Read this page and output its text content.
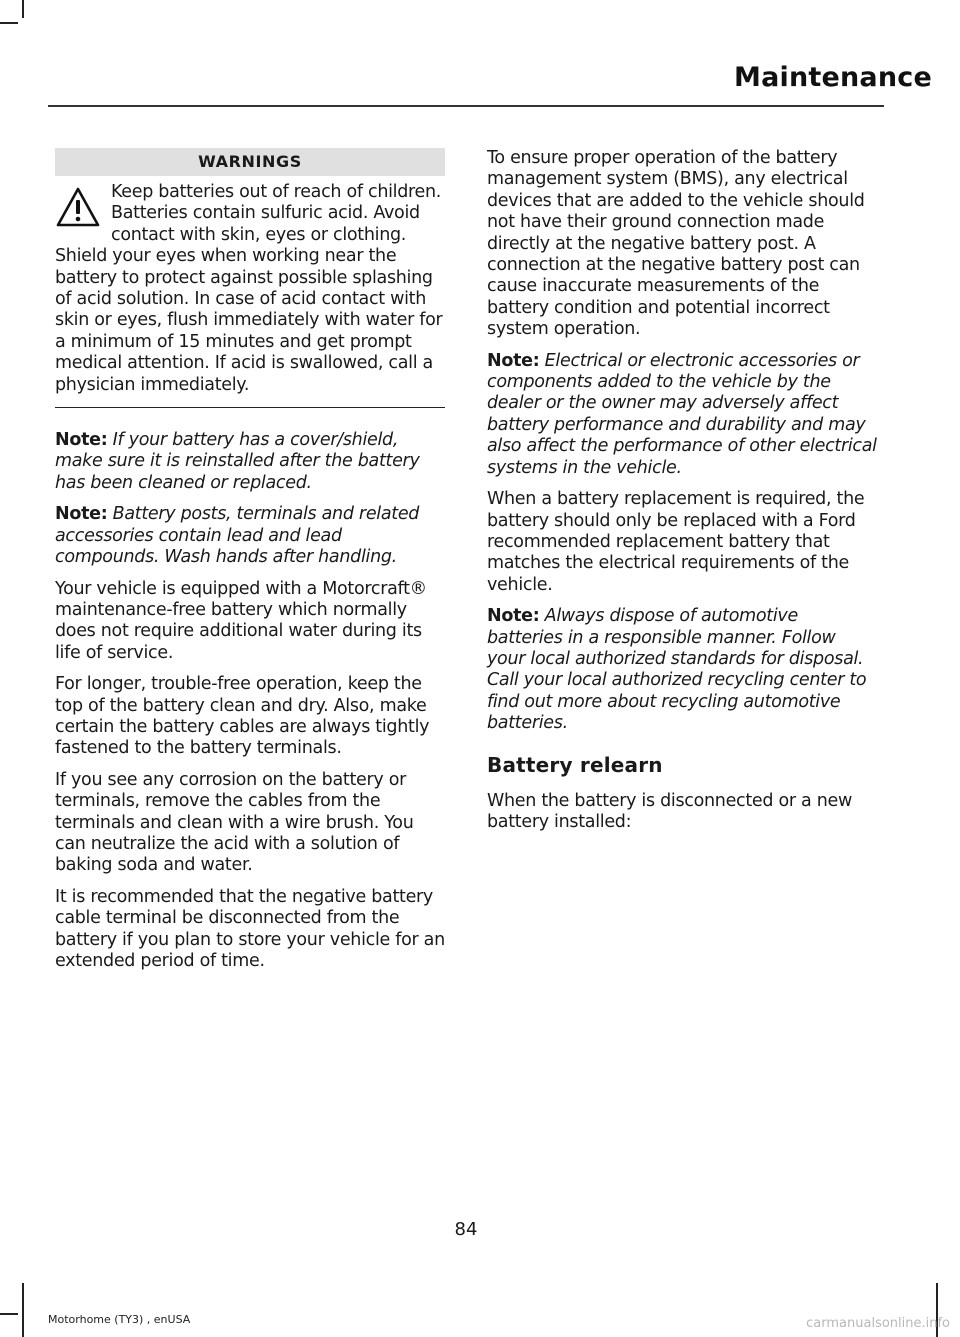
Maintenance
WARNINGS
Keep batteries out of reach of children. Batteries contain sulfuric acid. Avoid contact with skin, eyes or clothing. Shield your eyes when working near the battery to protect against possible splashing of acid solution. In case of acid contact with skin or eyes, flush immediately with water for a minimum of 15 minutes and get prompt medical attention. If acid is swallowed, call a physician immediately.

Note: If your battery has a cover/shield, make sure it is reinstalled after the battery has been cleaned or replaced.

Note: Battery posts, terminals and related accessories contain lead and lead compounds. Wash hands after handling.

Your vehicle is equipped with a Motorcraft® maintenance-free battery which normally does not require additional water during its life of service.

For longer, trouble-free operation, keep the top of the battery clean and dry. Also, make certain the battery cables are always tightly fastened to the battery terminals.

If you see any corrosion on the battery or terminals, remove the cables from the terminals and clean with a wire brush. You can neutralize the acid with a solution of baking soda and water.

It is recommended that the negative battery cable terminal be disconnected from the battery if you plan to store your vehicle for an extended period of time.

To ensure proper operation of the battery management system (BMS), any electrical devices that are added to the vehicle should not have their ground connection made directly at the negative battery post. A connection at the negative battery post can cause inaccurate measurements of the battery condition and potential incorrect system operation.

Note: Electrical or electronic accessories or components added to the vehicle by the dealer or the owner may adversely affect battery performance and durability and may also affect the performance of other electrical systems in the vehicle.

When a battery replacement is required, the battery should only be replaced with a Ford recommended replacement battery that matches the electrical requirements of the vehicle.

Note: Always dispose of automotive batteries in a responsible manner. Follow your local authorized standards for disposal. Call your local authorized recycling center to find out more about recycling automotive batteries.

Battery relearn

When the battery is disconnected or a new battery installed:

84
Motorhome (TY3) , enUSA	carmanualsonline.info
